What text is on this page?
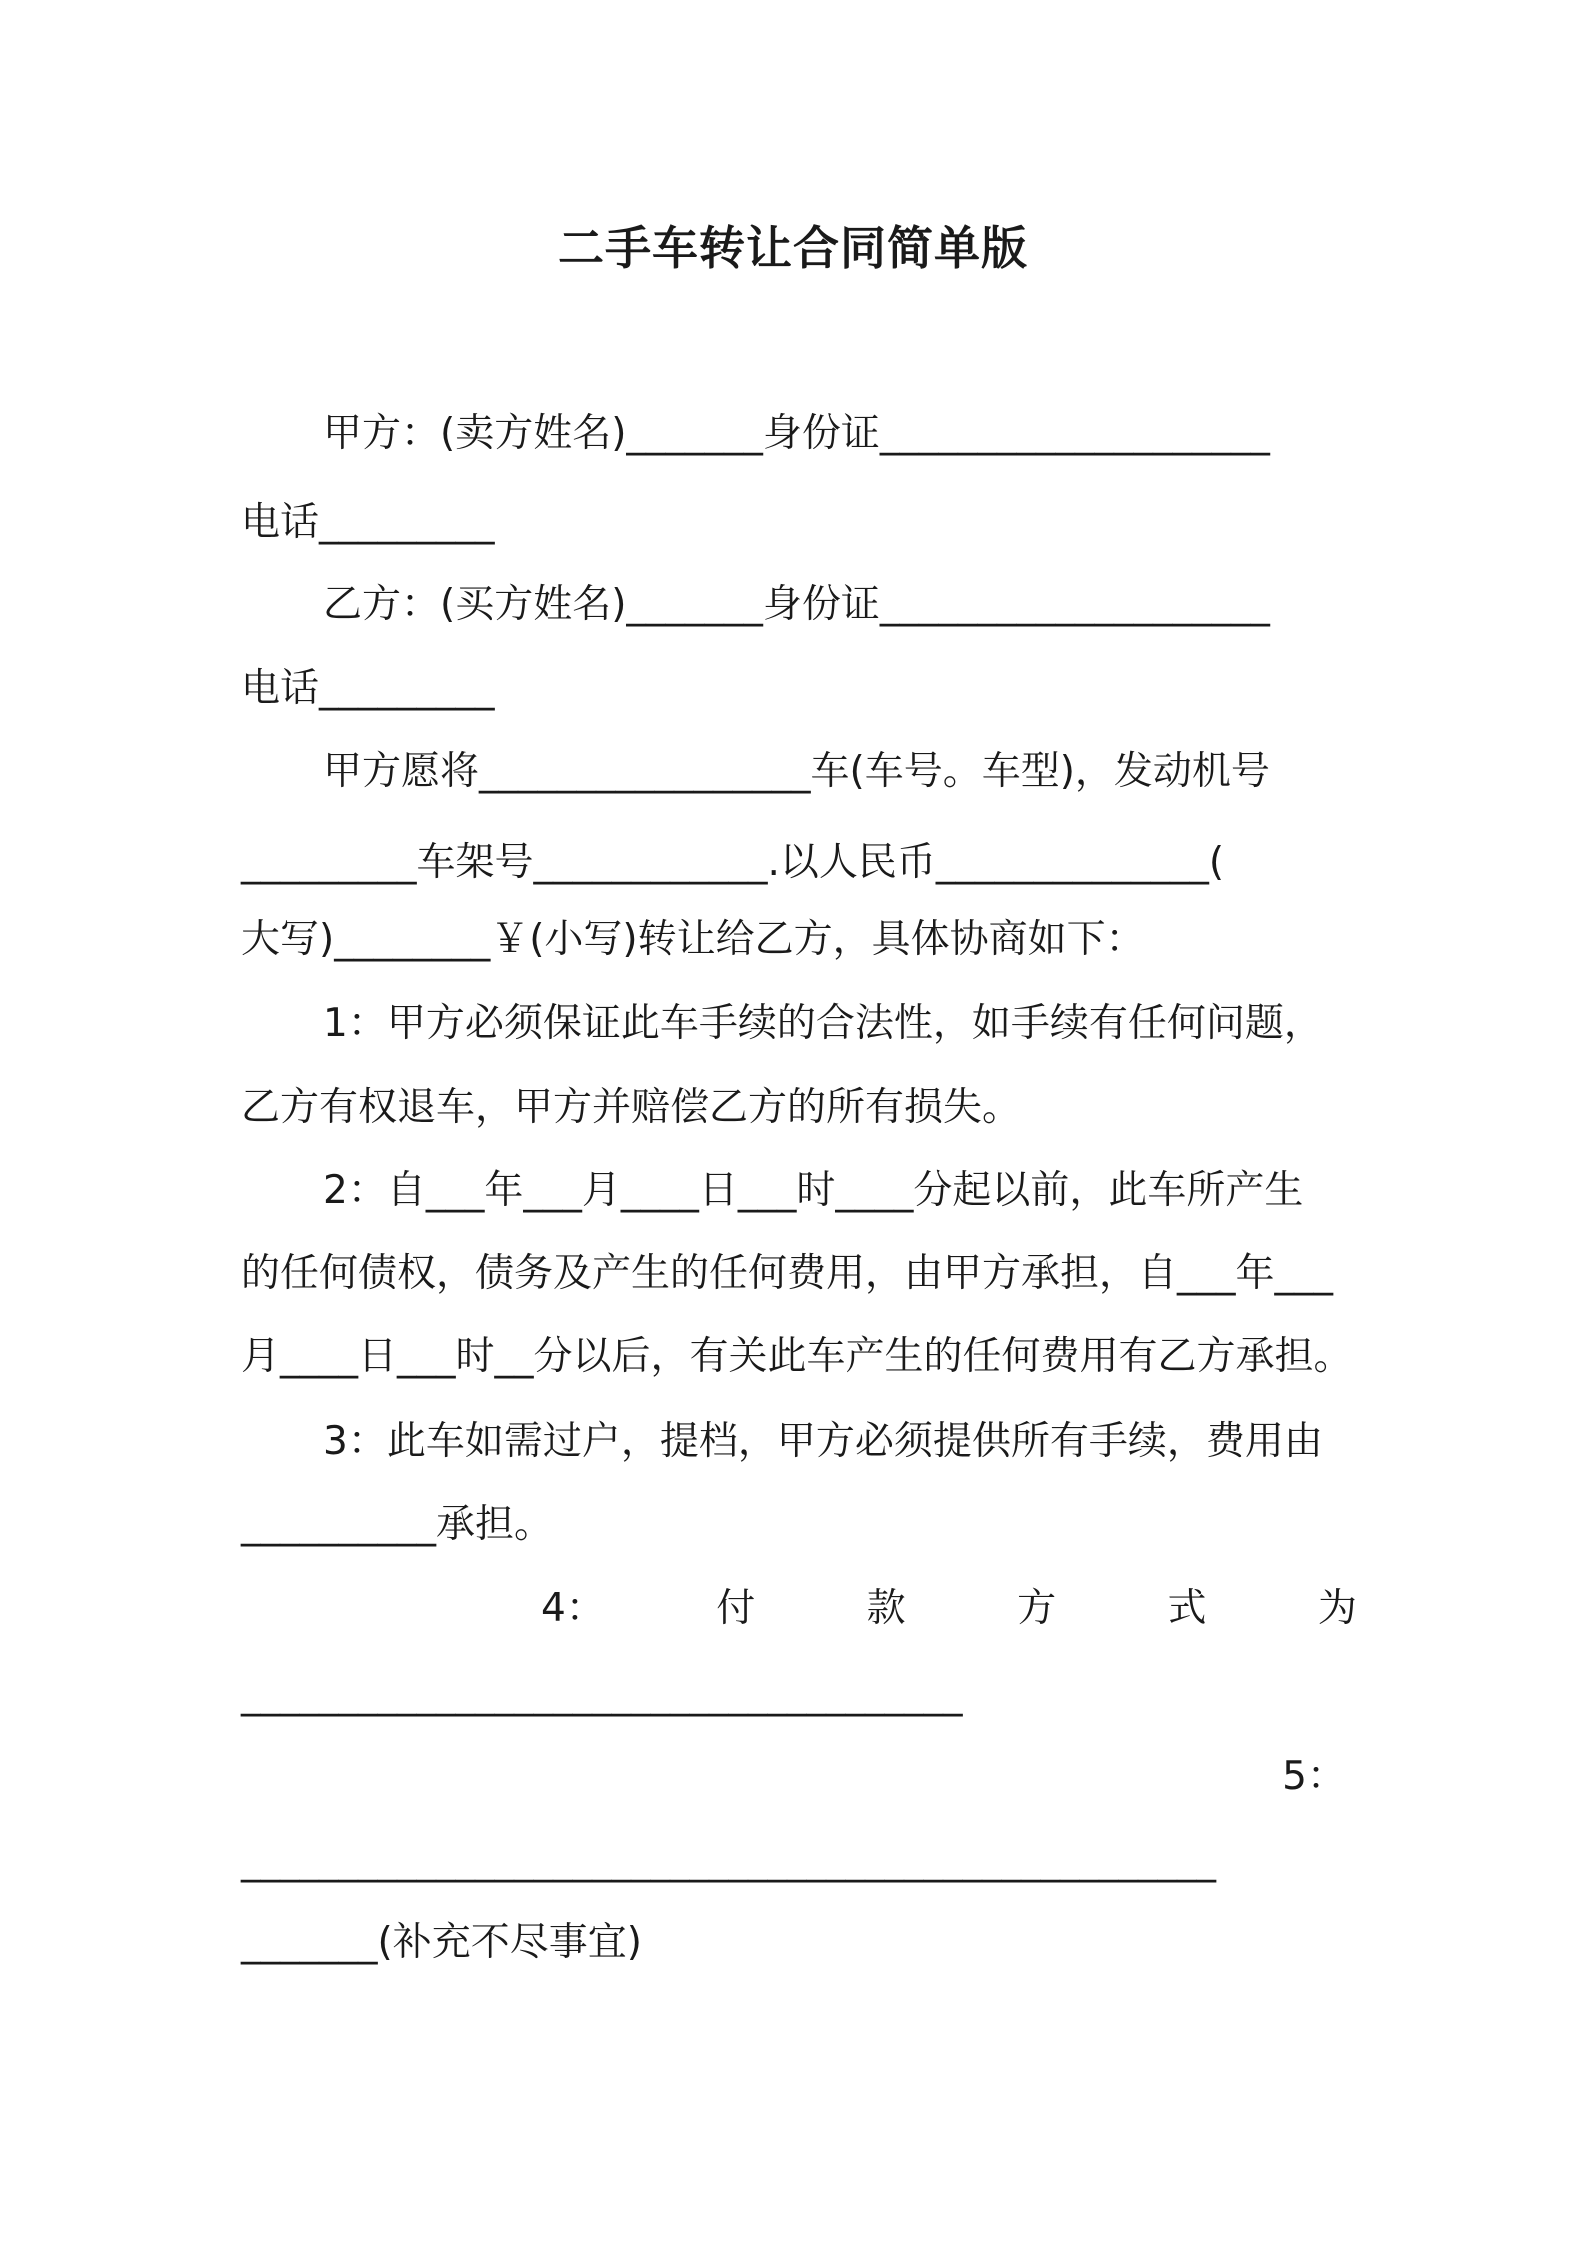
二手车转让合同简单版
甲方：(卖方姓名)_______身份证____________________
电话_________
乙方：(买方姓名)_______身份证____________________
电话_________
甲方愿将_________________车(车号。车型)，发动机号
_________车架号____________.以人民币______________(
大写)________￥(小写)转让给乙方，具体协商如下：
1：甲方必须保证此车手续的合法性，如手续有任何问题，
乙方有权退车，甲方并赔偿乙方的所有损失。
2：自___年___月____日___时____分起以前，此车所产生
的任何债权，债务及产生的任何费用，由甲方承担，自___年___
月____日___时__分以后，有关此车产生的任何费用有乙方承担。
3：此车如需过户，提档，甲方必须提供所有手续，费用由
__________承担。
4：	付	款	方	式	为
_____________________________________
5：
__________________________________________________
_______(补充不尽事宜)
